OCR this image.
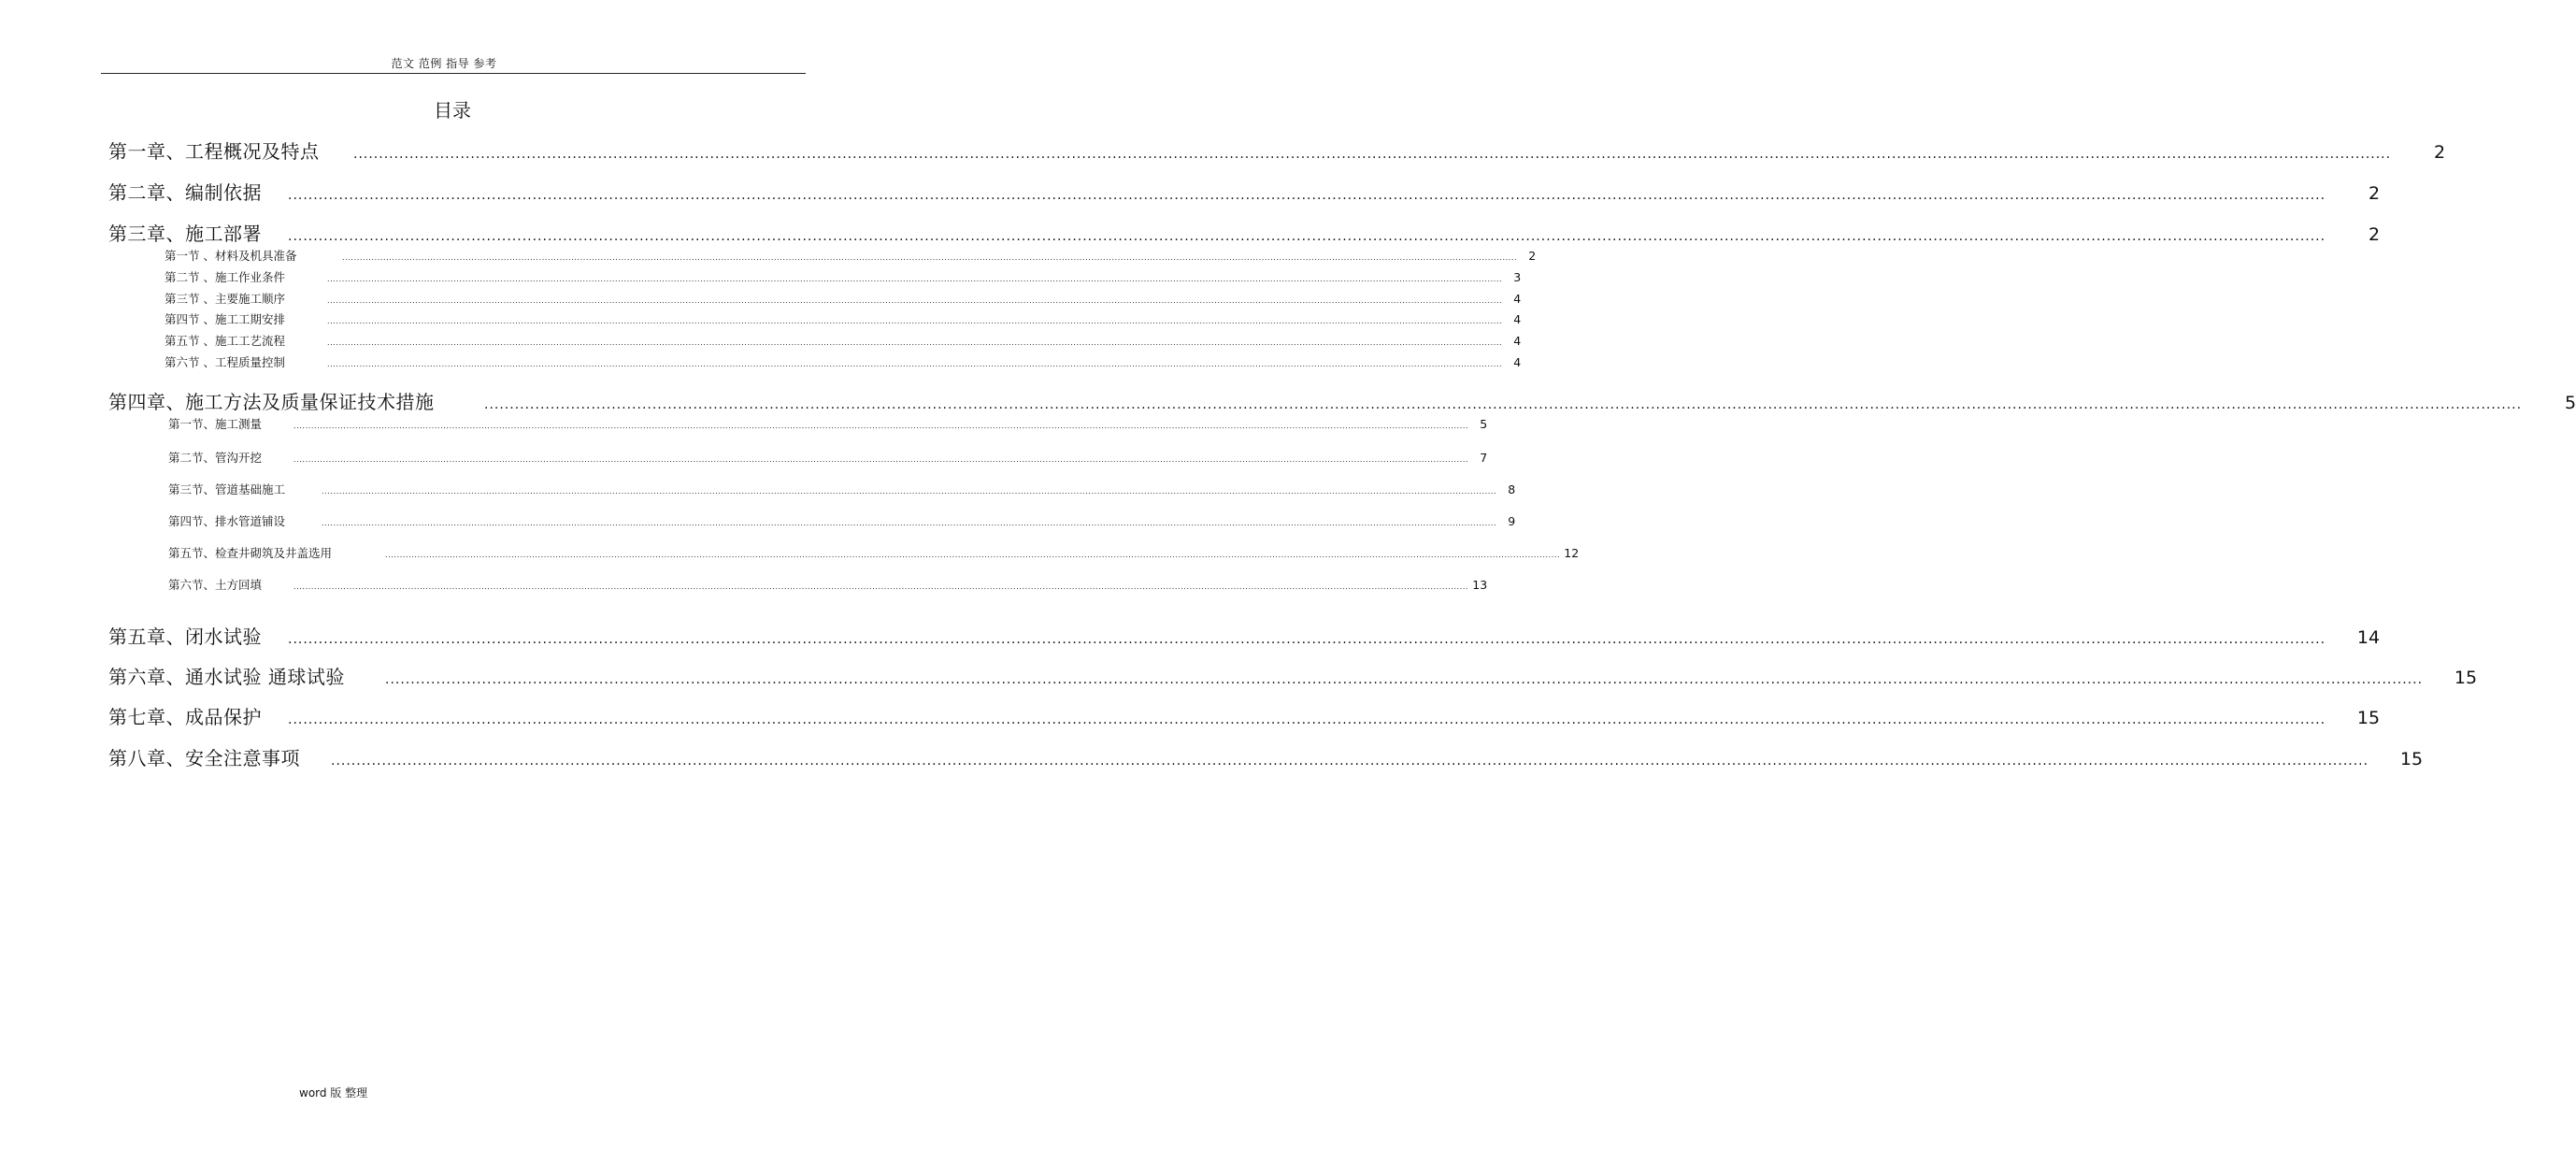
范文 范例 指导 参考
目录
第一章、工程概况及特点	................................................................................................................................................................................................................................................................................................................................................................................................................	2
第二章、编制依据	................................................................................................................................................................................................................................................................................................................................................................................................................	2
第三章、施工部署	................................................................................................................................................................................................................................................................................................................................................................................................................	2
第一节 、材料及机具准备	................................................................................................................................................................................................................................................................................................................................................................................................................ 2
第二节 、施工作业条件	................................................................................................................................................................................................................................................................................................................................................................................................................ 3
第三节 、主要施工顺序	................................................................................................................................................................................................................................................................................................................................................................................................................ 4
第四节 、施工工期安排	................................................................................................................................................................................................................................................................................................................................................................................................................ 4
第五节 、施工工艺流程	................................................................................................................................................................................................................................................................................................................................................................................................................ 4
第六节 、工程质量控制	................................................................................................................................................................................................................................................................................................................................................................................................................ 4
第四章、施工方法及质量保证技术措施	................................................................................................................................................................................................................................................................................................................................................................................................................	5
第一节、施工测量	................................................................................................................................................................................................................................................................................................................................................................................................................ 5
第二节、管沟开挖	................................................................................................................................................................................................................................................................................................................................................................................................................ 7
第三节、管道基础施工	................................................................................................................................................................................................................................................................................................................................................................................................................ 8
第四节、排水管道铺设	................................................................................................................................................................................................................................................................................................................................................................................................................ 9
第五节、检查井砌筑及井盖选用	................................................................................................................................................................................................................................................................................................................................................................................................................ 12
第六节、土方回填	................................................................................................................................................................................................................................................................................................................................................................................................................ 13
第五章、闭水试验	................................................................................................................................................................................................................................................................................................................................................................................................................	14
第六章、通水试验 通球试验	................................................................................................................................................................................................................................................................................................................................................................................................................	15
第七章、成品保护	................................................................................................................................................................................................................................................................................................................................................................................................................	15
第八章、安全注意事项	................................................................................................................................................................................................................................................................................................................................................................................................................	15
word 版 整理
